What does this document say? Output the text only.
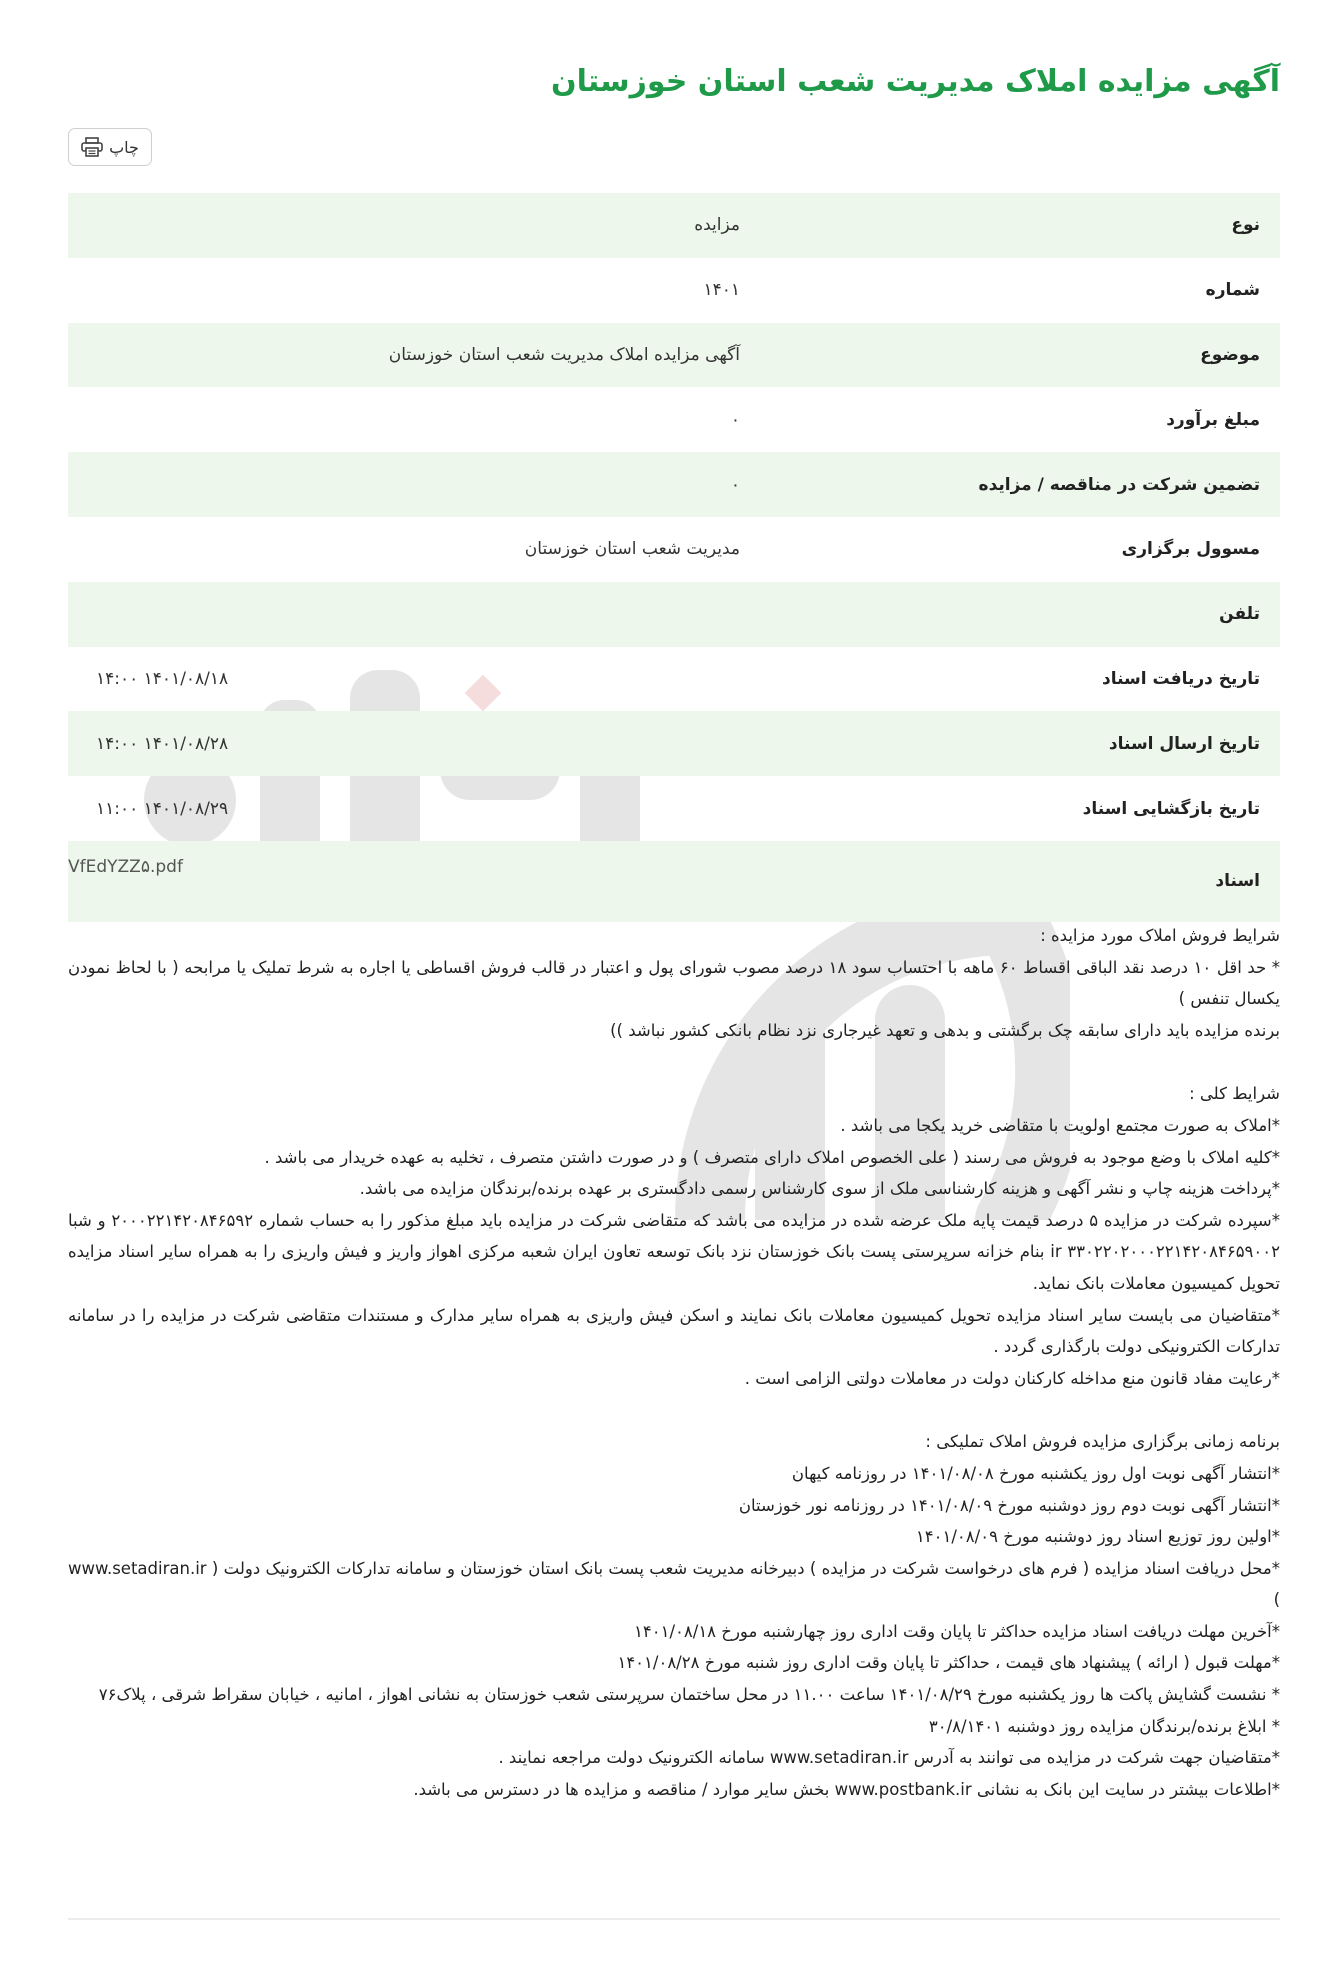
آگهی مزایده املاک مدیریت شعب استان خوزستان
چاپ
نوع	مزایده
شماره	۱۴۰۱
موضوع	آگهی مزایده املاک مدیریت شعب استان خوزستان
مبلغ برآورد	۰
تضمین شرکت در مناقصه / مزایده	۰
مسوول برگزاری	مدیریت شعب استان خوزستان
تلفن	
تاریخ دریافت اسناد	۱۴۰۱/۰۸/۱۸ ۱۴:۰۰
تاریخ ارسال اسناد	۱۴۰۱/۰۸/۲۸ ۱۴:۰۰
تاریخ بازگشایی اسناد	۱۴۰۱/۰۸/۲۹ ۱۱:۰۰
اسناد	VfEdYZZ۵.pdf

شرایط فروش املاک مورد مزایده :

* حد اقل ۱۰ درصد نقد الباقی اقساط ۶۰ ماهه با احتساب سود ۱۸ درصد مصوب شورای پول و اعتبار در قالب فروش اقساطی یا اجاره به شرط تملیک یا مرابحه ( با لحاظ نمودن یکسال تنفس )

برنده مزایده باید دارای سابقه چک برگشتی و بدهی و تعهد غیرجاری نزد نظام بانکی کشور نباشد ))

شرایط کلی :

*املاک به صورت مجتمع اولویت با متقاضی خرید یکجا می باشد .

*کلیه املاک با وضع موجود به فروش می رسند ( علی الخصوص املاک دارای متصرف ) و در صورت داشتن متصرف ، تخلیه به عهده خریدار می باشد .

*پرداخت هزینه چاپ و نشر آگهی و هزینه کارشناسی ملک از سوی کارشناس رسمی دادگستری بر عهده برنده/برندگان مزایده می باشد.

*سپرده شرکت در مزایده ۵ درصد قیمت پایه ملک عرضه شده در مزایده می باشد که متقاضی شرکت در مزایده باید مبلغ مذکور را به حساب شماره ۲۰۰۰۲۲۱۴۲۰۸۴۶۵۹۲ و شبا ir ۳۳۰۲۲۰۲۰۰۰۲۲۱۴۲۰۸۴۶۵۹۰۰۲ بنام خزانه سرپرستی پست بانک خوزستان نزد بانک توسعه تعاون ایران شعبه مرکزی اهواز واریز و فیش واریزی را به همراه سایر اسناد مزایده تحویل کمیسیون معاملات بانک نماید.

*متقاضیان می بایست سایر اسناد مزایده تحویل کمیسیون معاملات بانک نمایند و اسکن فیش واریزی به همراه سایر مدارک و مستندات متقاضی شرکت در مزایده را در سامانه تدارکات الکترونیکی دولت بارگذاری گردد .

*رعایت مفاد قانون منع مداخله کارکنان دولت در معاملات دولتی الزامی است .

برنامه زمانی برگزاری مزایده فروش املاک تملیکی :

*انتشار آگهی نوبت اول روز یکشنبه مورخ ۱۴۰۱/۰۸/۰۸ در روزنامه کیهان

*انتشار آگهی نوبت دوم روز دوشنبه مورخ ۱۴۰۱/۰۸/۰۹ در روزنامه نور خوزستان

*اولین روز توزیع اسناد روز دوشنبه مورخ ۱۴۰۱/۰۸/۰۹

*محل دریافت اسناد مزایده ( فرم های درخواست شرکت در مزایده ) دبیرخانه مدیریت شعب پست بانک استان خوزستان و سامانه تدارکات الکترونیک دولت ( www.setadiran.ir )

*آخرین مهلت دریافت اسناد مزایده حداکثر تا پایان وقت اداری روز چهارشنبه مورخ ۱۴۰۱/۰۸/۱۸

*مهلت قبول ( ارائه ) پیشنهاد های قیمت ، حداکثر تا پایان وقت اداری روز شنبه مورخ ۱۴۰۱/۰۸/۲۸

* نشست گشایش پاکت ها روز یکشنبه مورخ ۱۴۰۱/۰۸/۲۹ ساعت ۱۱.۰۰ در محل ساختمان سرپرستی شعب خوزستان به نشانی اهواز ، امانیه ، خیابان سقراط شرقی ، پلاک۷۶

* ابلاغ برنده/برندگان مزایده روز دوشنبه ۳۰/۸/۱۴۰۱

*متقاضیان جهت شرکت در مزایده می توانند به آدرس www.setadiran.ir سامانه الکترونیک دولت مراجعه نمایند .

*اطلاعات بیشتر در سایت این بانک به نشانی www.postbank.ir بخش سایر موارد / مناقصه و مزایده ها در دسترس می باشد.
